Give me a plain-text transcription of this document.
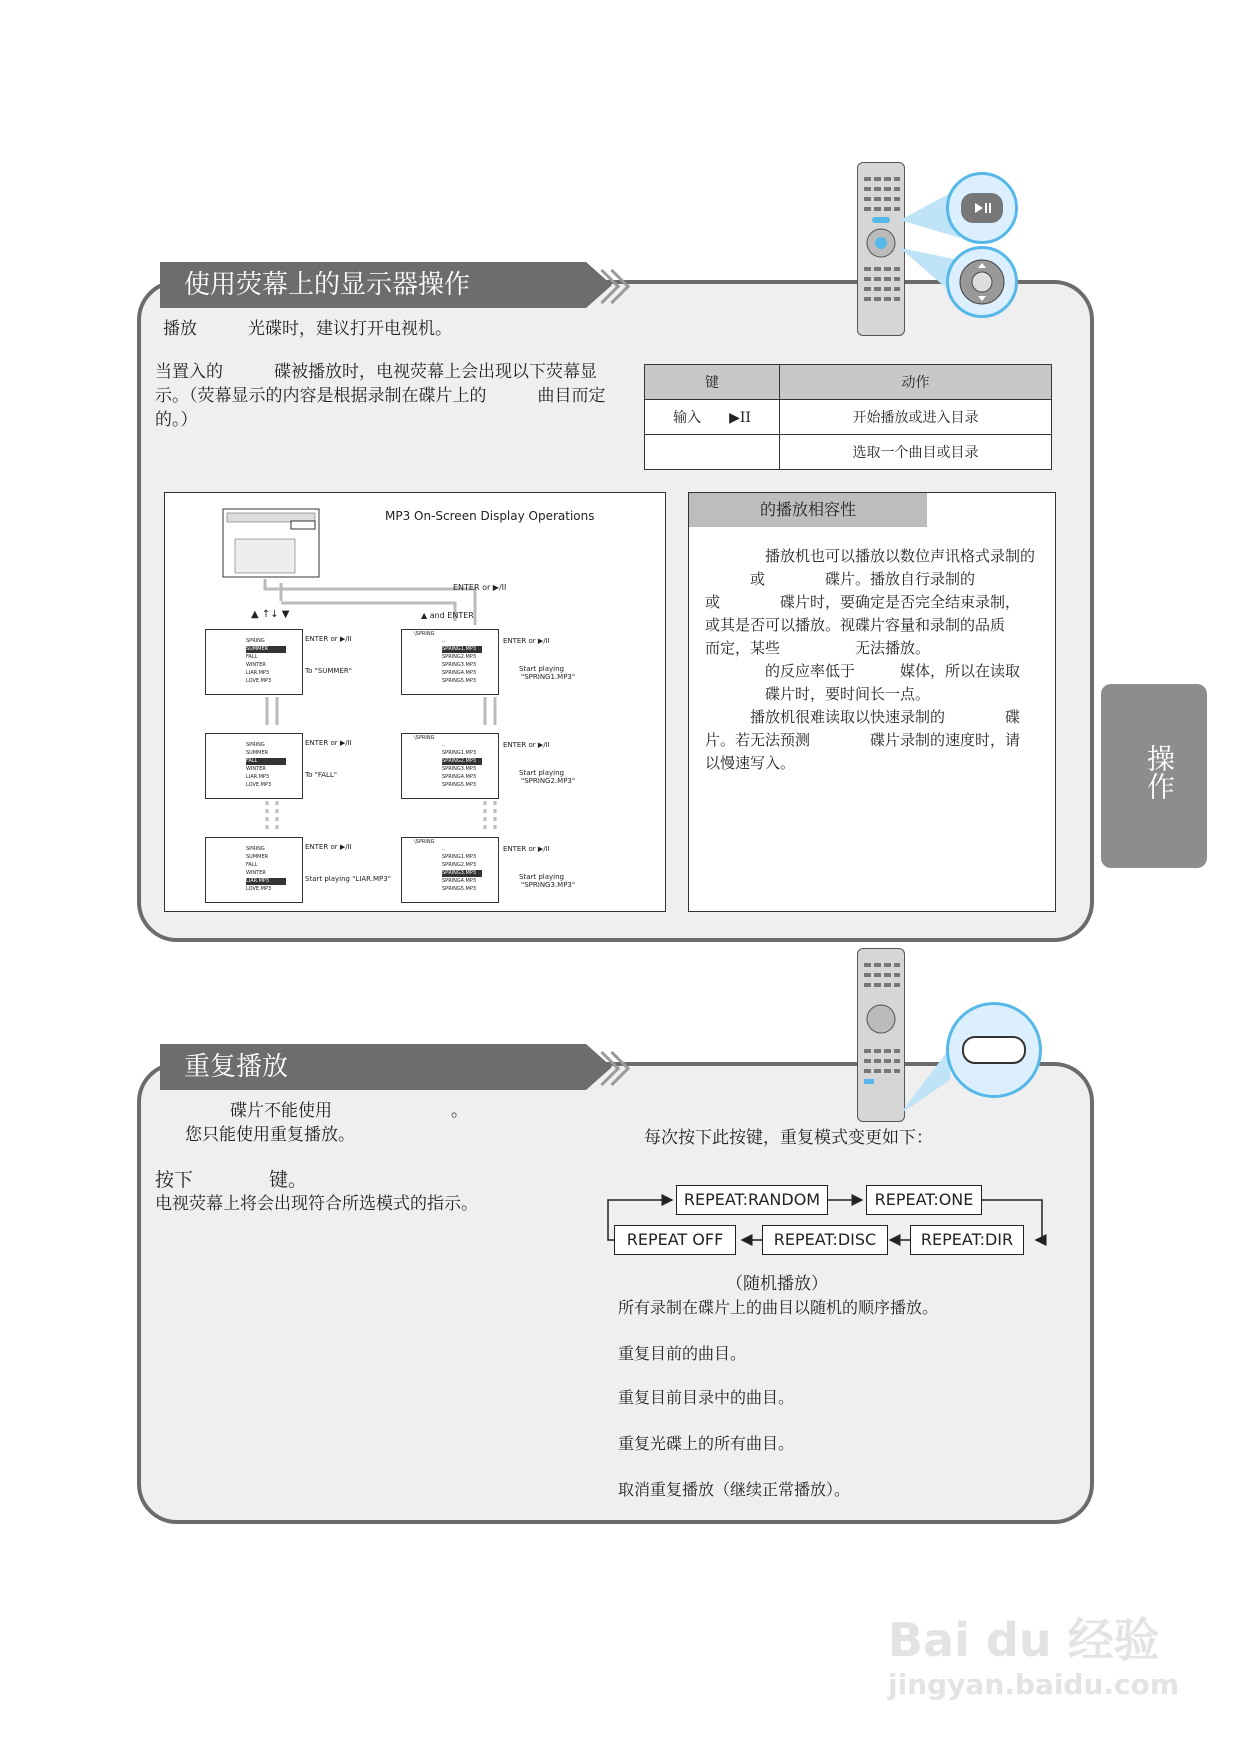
使用荧幕上的显示器操作
播放　　　光碟时，建议打开电视机。
当置入的　　　碟被播放时，电视荧幕上会出现以下荧幕显
示。（荧幕显示的内容是根据录制在碟片上的　　　曲目而定
的。）
键	动作
输入　　▶II	开始播放或进入目录
	选取一个曲目或目录
MP3 On-Screen Display Operations
ENTER or ▶/II
▲ and ENTER
▲ ↑↓ ▼
SPRING
SUMMER
FALL
WINTER
LIAR.MP3
LOVE.MP3
\SPRING
..
SPRING1.MP3
SPRING2.MP3
SPRING3.MP3
SPRING4.MP3
SPRING5.MP3
ENTER or ▶/II
To "SUMMER"
ENTER or ▶/II
Start playing
"SPRING1.MP3"
SPRING
SUMMER
FALL
WINTER
LIAR.MP3
LOVE.MP3
\SPRING
..
SPRING1.MP3
SPRING2.MP3
SPRING3.MP3
SPRING4.MP3
SPRING5.MP3
ENTER or ▶/II
To "FALL"
ENTER or ▶/II
Start playing
"SPRING2.MP3"
SPRING
SUMMER
FALL
WINTER
LIAR.MP3
LOVE.MP3
\SPRING
..
SPRING1.MP3
SPRING2.MP3
SPRING3.MP3
SPRING4.MP3
SPRING5.MP3
ENTER or ▶/II
Start playing "LIAR.MP3"
ENTER or ▶/II
Start playing
"SPRING3.MP3"
的播放相容性
　　　　播放机也可以播放以数位声讯格式录制的
　　　或　　　　碟片。播放自行录制的
或　　　　碟片时，要确定是否完全结束录制，
或其是否可以播放。视碟片容量和录制的品质
而定，某些　　　　　无法播放。
　　　　的反应率低于　　　媒体，所以在读取
　　　　碟片时，要时间长一点。
　　　播放机很难读取以快速录制的　　　　碟
片。若无法预测　　　　碟片录制的速度时，请
以慢速写入。	操作
重复播放
碟片不能使用　　　　　　　。
您只能使用重复播放。
按下　　　　键。
电视荧幕上将会出现符合所选模式的指示。
每次按下此按键，重复模式变更如下：
REPEAT:RANDOM	REPEAT:ONE
REPEAT OFF	REPEAT:DISC	REPEAT:DIR
（随机播放）
所有录制在碟片上的曲目以随机的顺序播放。
重复目前的曲目。
重复目前目录中的曲目。
重复光碟上的所有曲目。
取消重复播放（继续正常播放）。
Bai du 经验
jingyan.baidu.com
